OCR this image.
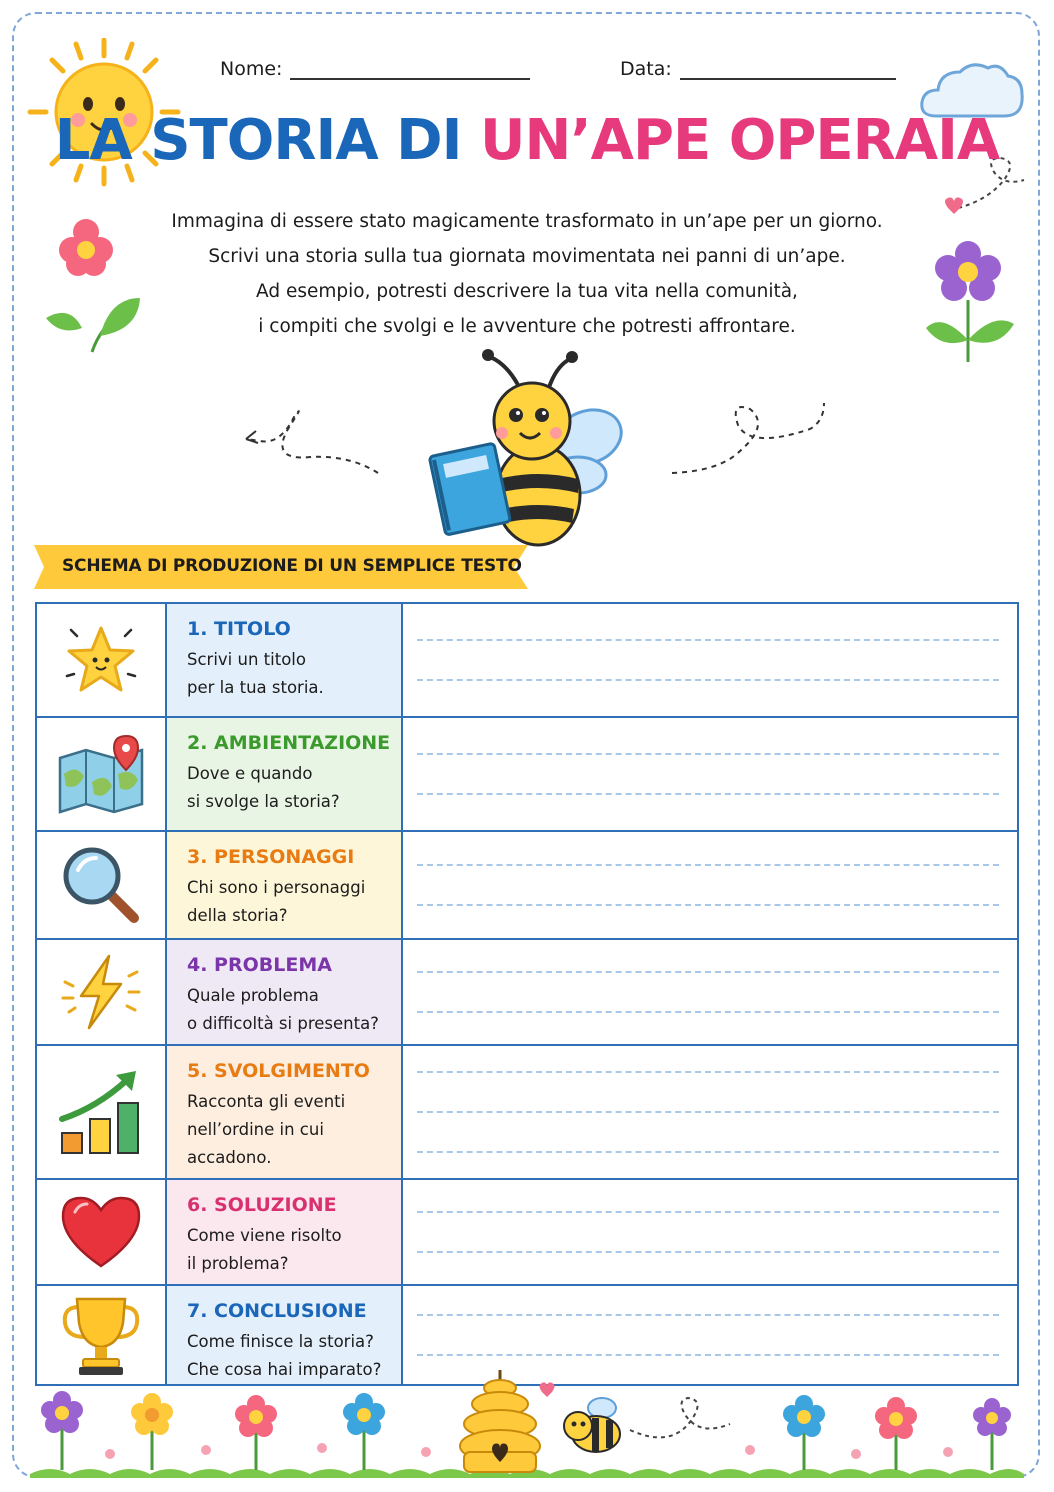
Nome:	Data:
LA STORIA DI UN’APE OPERAIA
Immagina di essere stato magicamente trasformato in un’ape per un giorno.
Scrivi una storia sulla tua giornata movimentata nei panni di un’ape.
Ad esempio, potresti descrivere la tua vita nella comunità,
i compiti che svolgi e le avventure che potresti affrontare.
SCHEMA DI PRODUZIONE DI UN SEMPLICE TESTO
1. TITOLO
Scrivi un titolo
per la tua storia.
2. AMBIENTAZIONE
Dove e quando
si svolge la storia?
3. PERSONAGGI
Chi sono i personaggi
della storia?
4. PROBLEMA
Quale problema
o difficoltà si presenta?
5. SVOLGIMENTO
Racconta gli eventi
nell’ordine in cui
accadono.
6. SOLUZIONE
Come viene risolto
il problema?
7. CONCLUSIONE
Come finisce la storia?
Che cosa hai imparato?
